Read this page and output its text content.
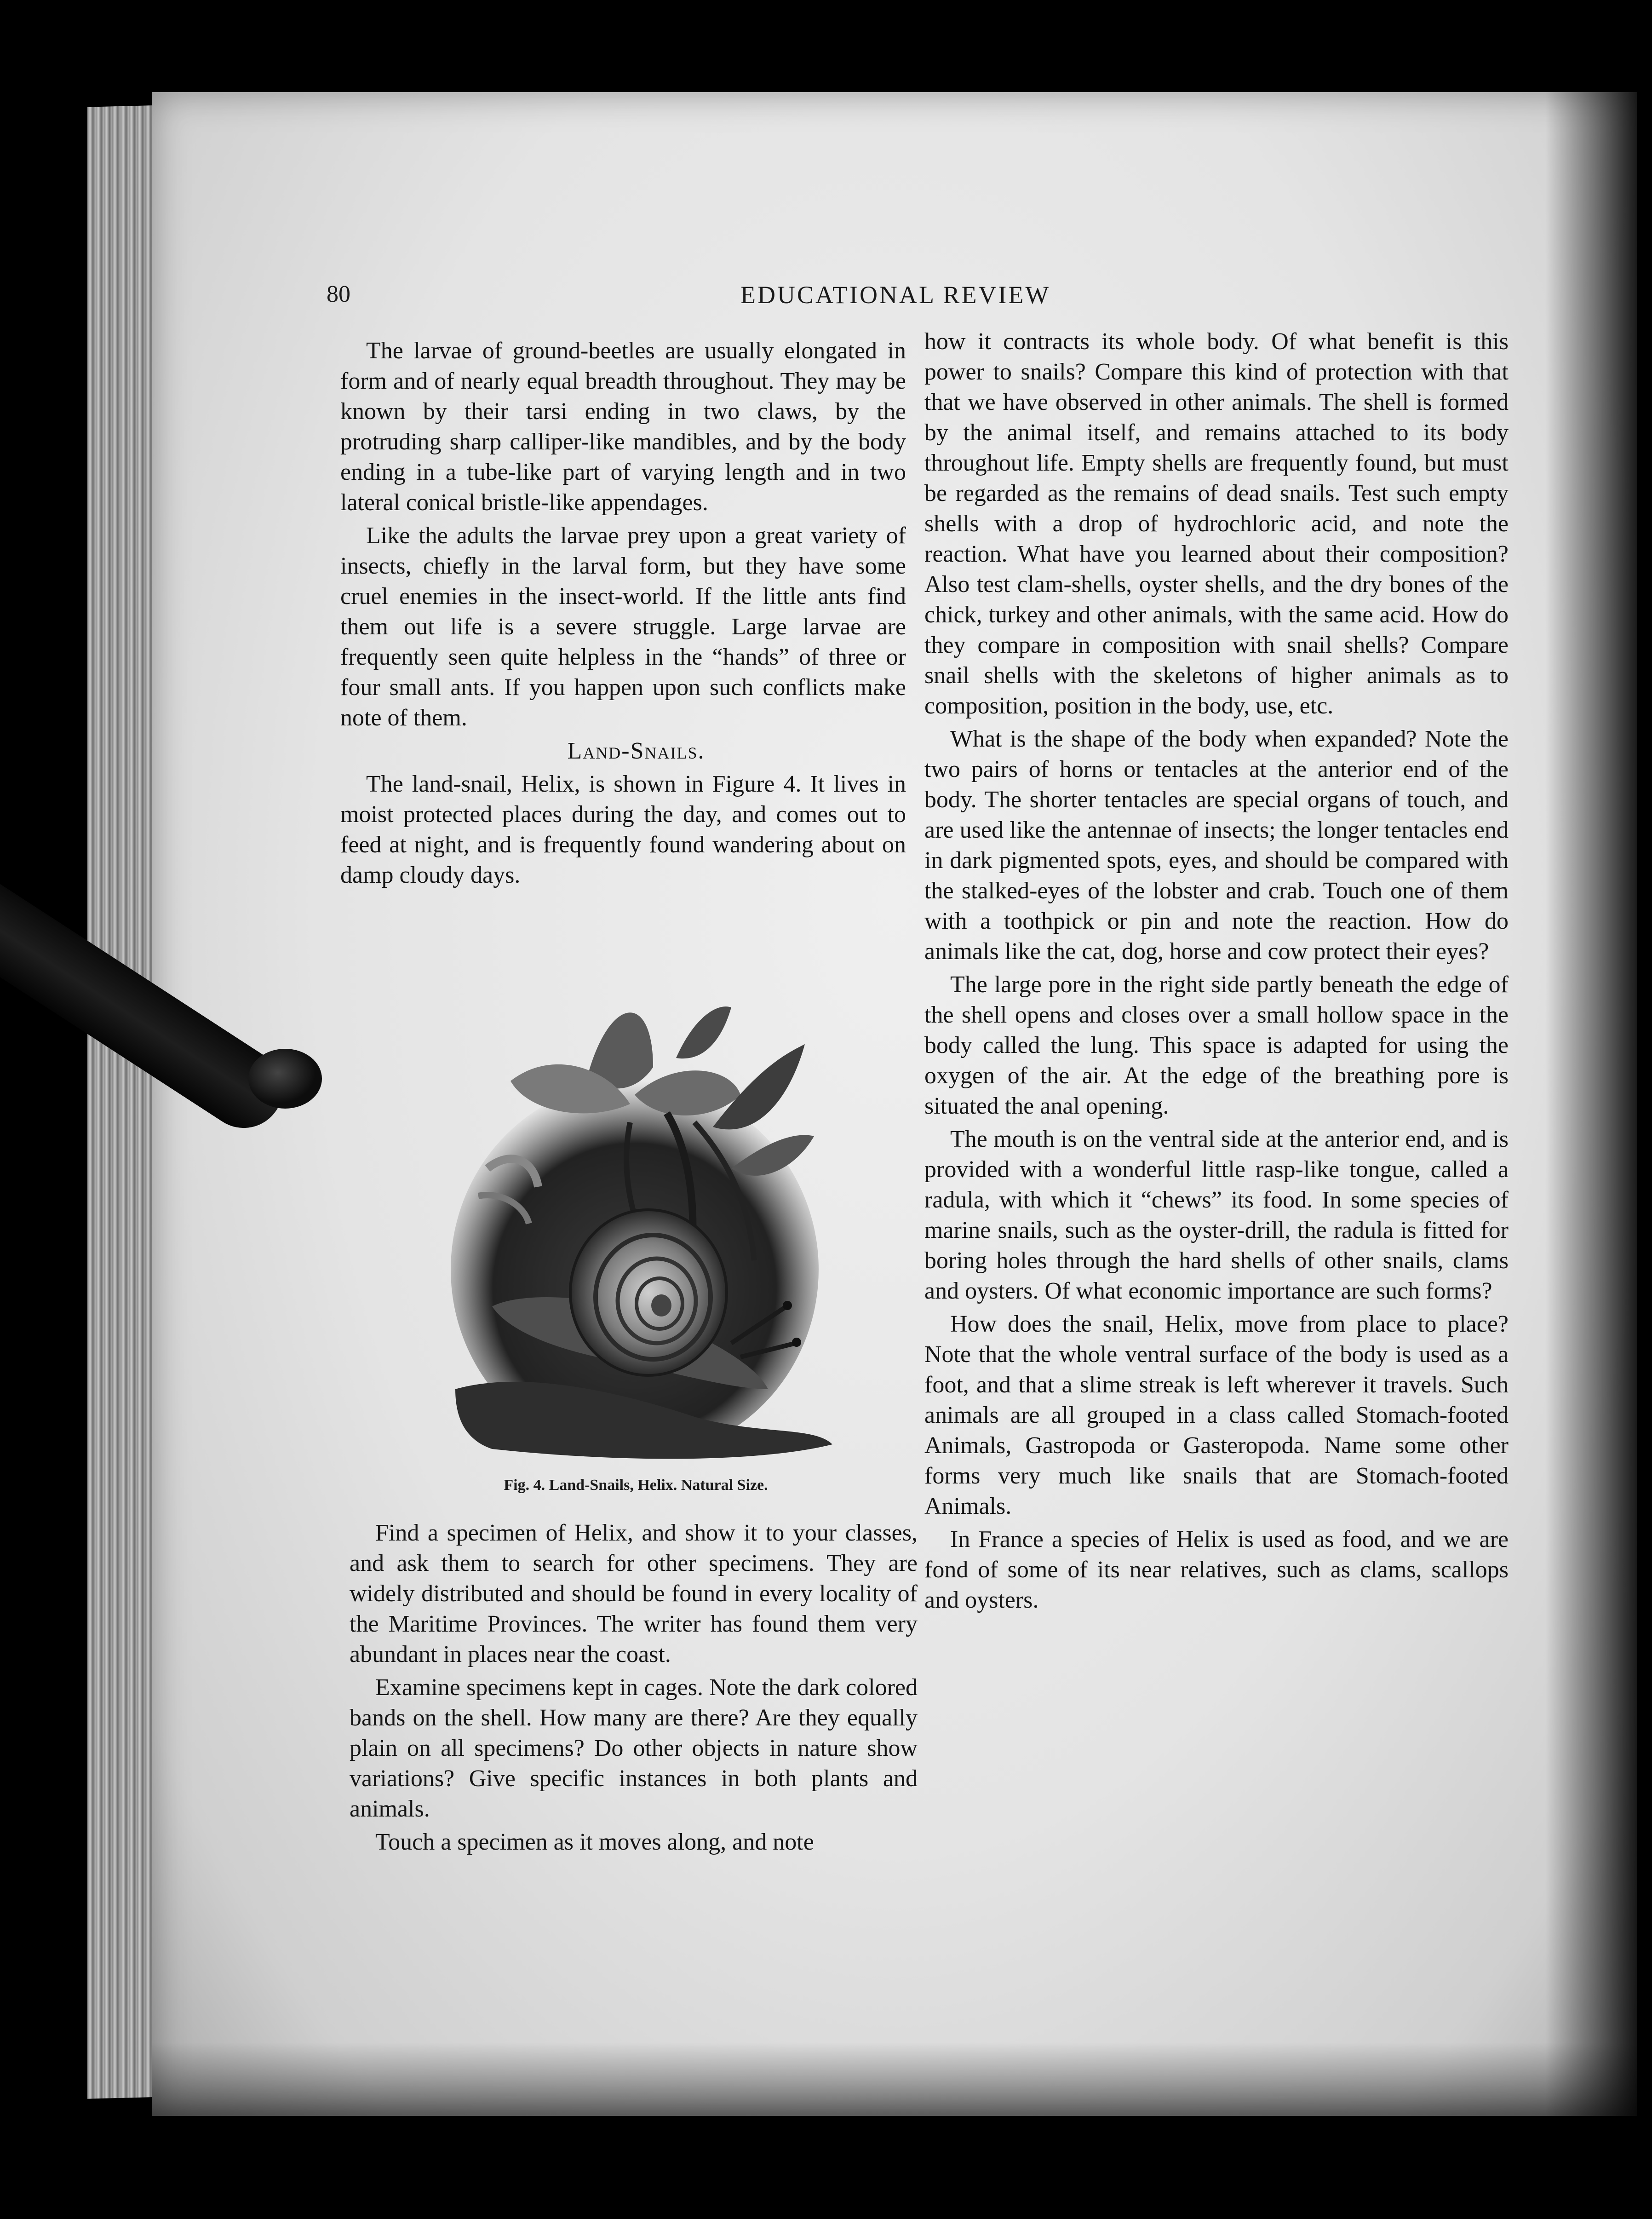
80	EDUCATIONAL REVIEW

The larvae of ground-beetles are usually elongated in form and of nearly equal breadth throughout. They may be known by their tarsi ending in two claws, by the protruding sharp calliper-like mandibles, and by the body ending in a tube-like part of varying length and in two lateral conical bristle-like appendages.

Like the adults the larvae prey upon a great variety of insects, chiefly in the larval form, but they have some cruel enemies in the insect-world. If the little ants find them out life is a severe struggle. Large larvae are frequently seen quite helpless in the “hands” of three or four small ants. If you happen upon such conflicts make note of them.

Land-Snails.

The land-snail, Helix, is shown in Figure 4. It lives in moist protected places during the day, and comes out to feed at night, and is frequently found wandering about on damp cloudy days.

Fig. 4. Land-Snails, Helix. Natural Size.

Find a specimen of Helix, and show it to your classes, and ask them to search for other specimens. They are widely distributed and should be found in every locality of the Maritime Provinces. The writer has found them very abundant in places near the coast.

Examine specimens kept in cages. Note the dark colored bands on the shell. How many are there? Are they equally plain on all specimens? Do other objects in nature show variations? Give specific instances in both plants and animals.

Touch a specimen as it moves along, and note

how it contracts its whole body. Of what benefit is this power to snails? Compare this kind of protection with that that we have observed in other animals. The shell is formed by the animal itself, and remains attached to its body throughout life. Empty shells are frequently found, but must be regarded as the remains of dead snails. Test such empty shells with a drop of hydrochloric acid, and note the reaction. What have you learned about their composition? Also test clam-shells, oyster shells, and the dry bones of the chick, turkey and other animals, with the same acid. How do they compare in composition with snail shells? Compare snail shells with the skeletons of higher animals as to composition, position in the body, use, etc.

What is the shape of the body when expanded? Note the two pairs of horns or tentacles at the anterior end of the body. The shorter tentacles are special organs of touch, and are used like the antennae of insects; the longer tentacles end in dark pigmented spots, eyes, and should be compared with the stalked-eyes of the lobster and crab. Touch one of them with a toothpick or pin and note the reaction. How do animals like the cat, dog, horse and cow protect their eyes?

The large pore in the right side partly beneath the edge of the shell opens and closes over a small hollow space in the body called the lung. This space is adapted for using the oxygen of the air. At the edge of the breathing pore is situated the anal opening.

The mouth is on the ventral side at the anterior end, and is provided with a wonderful little rasp-like tongue, called a radula, with which it “chews” its food. In some species of marine snails, such as the oyster-drill, the radula is fitted for boring holes through the hard shells of other snails, clams and oysters. Of what economic importance are such forms?

How does the snail, Helix, move from place to place? Note that the whole ventral surface of the body is used as a foot, and that a slime streak is left wherever it travels. Such animals are all grouped in a class called Stomach-footed Animals, Gastropoda or Gasteropoda. Name some other forms very much like snails that are Stomach-footed Animals.

In France a species of Helix is used as food, and we are fond of some of its near relatives, such as clams, scallops and oysters.
